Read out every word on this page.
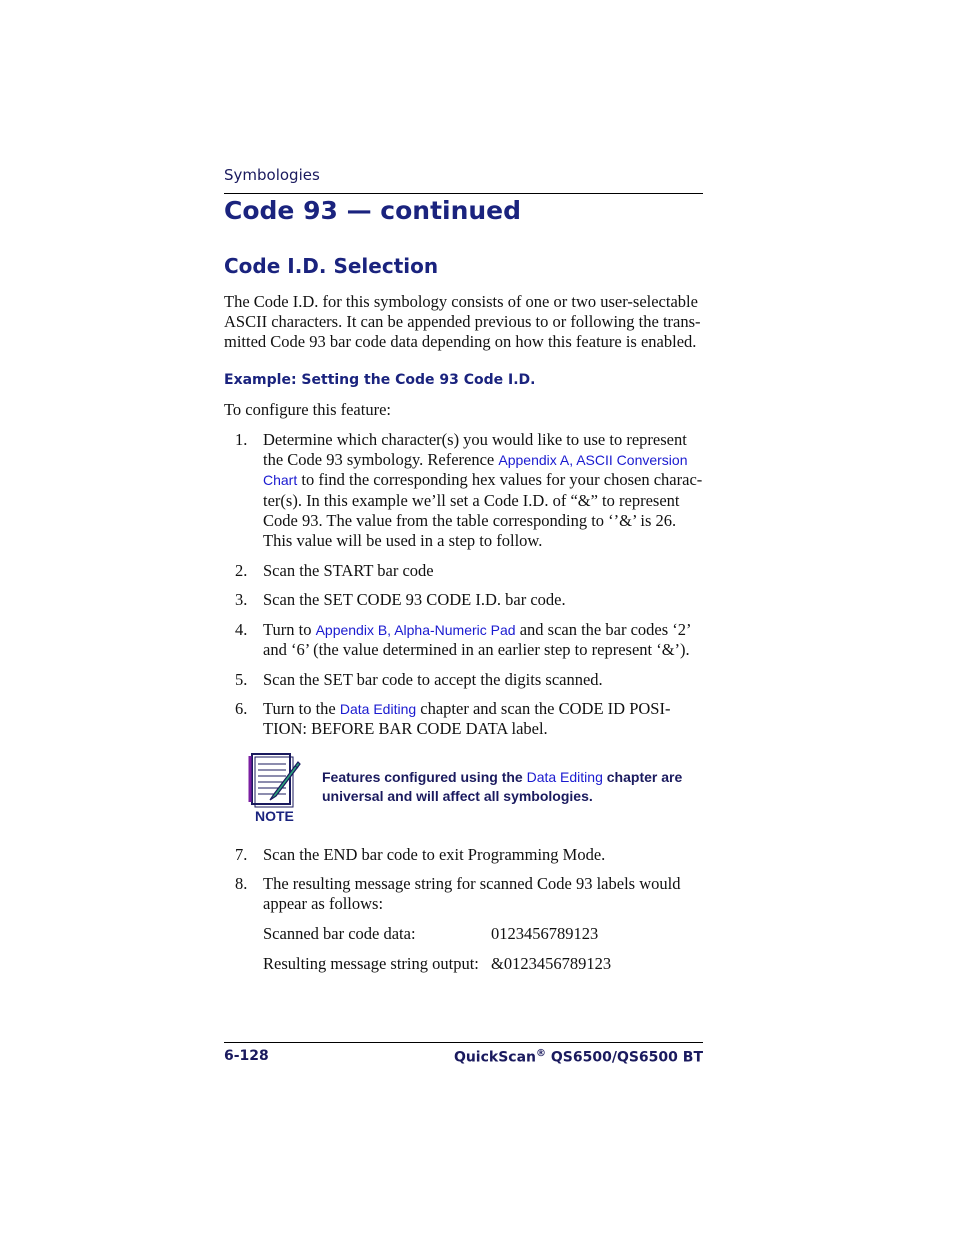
Symbologies
Code 93 — continued
Code I.D. Selection

The Code I.D. for this symbology consists of one or two user-selectable ASCII characters. It can be appended previous to or following the trans-mitted Code 93 bar code data depending on how this feature is enabled.

Example: Setting the Code 93 Code I.D.

To configure this feature:

1. Determine which character(s) you would like to use to represent the Code 93 symbology. Reference Appendix A, ASCII Conversion Chart to find the corresponding hex values for your chosen charac-ter(s). In this example we’ll set a Code I.D. of “&” to represent Code 93. The value from the table corresponding to ‘’&’ is 26. This value will be used in a step to follow.
2. Scan the START bar code
3. Scan the SET CODE 93 CODE I.D. bar code.
4. Turn to Appendix B, Alpha-Numeric Pad and scan the bar codes ‘2’ and ‘6’ (the value determined in an earlier step to represent ‘&’).
5. Scan the SET bar code to accept the digits scanned.
6. Turn to the Data Editing chapter and scan the CODE ID POSI-TION: BEFORE BAR CODE DATA label.
NOTE
Features configured using the Data Editing chapter are universal and will affect all symbologies.
7. Scan the END bar code to exit Programming Mode.
8. The resulting message string for scanned Code 93 labels would appear as follows:
Scanned bar code data:	0123456789123
Resulting message string output: &0123456789123
6-128	QuickScan® QS6500/QS6500 BT
